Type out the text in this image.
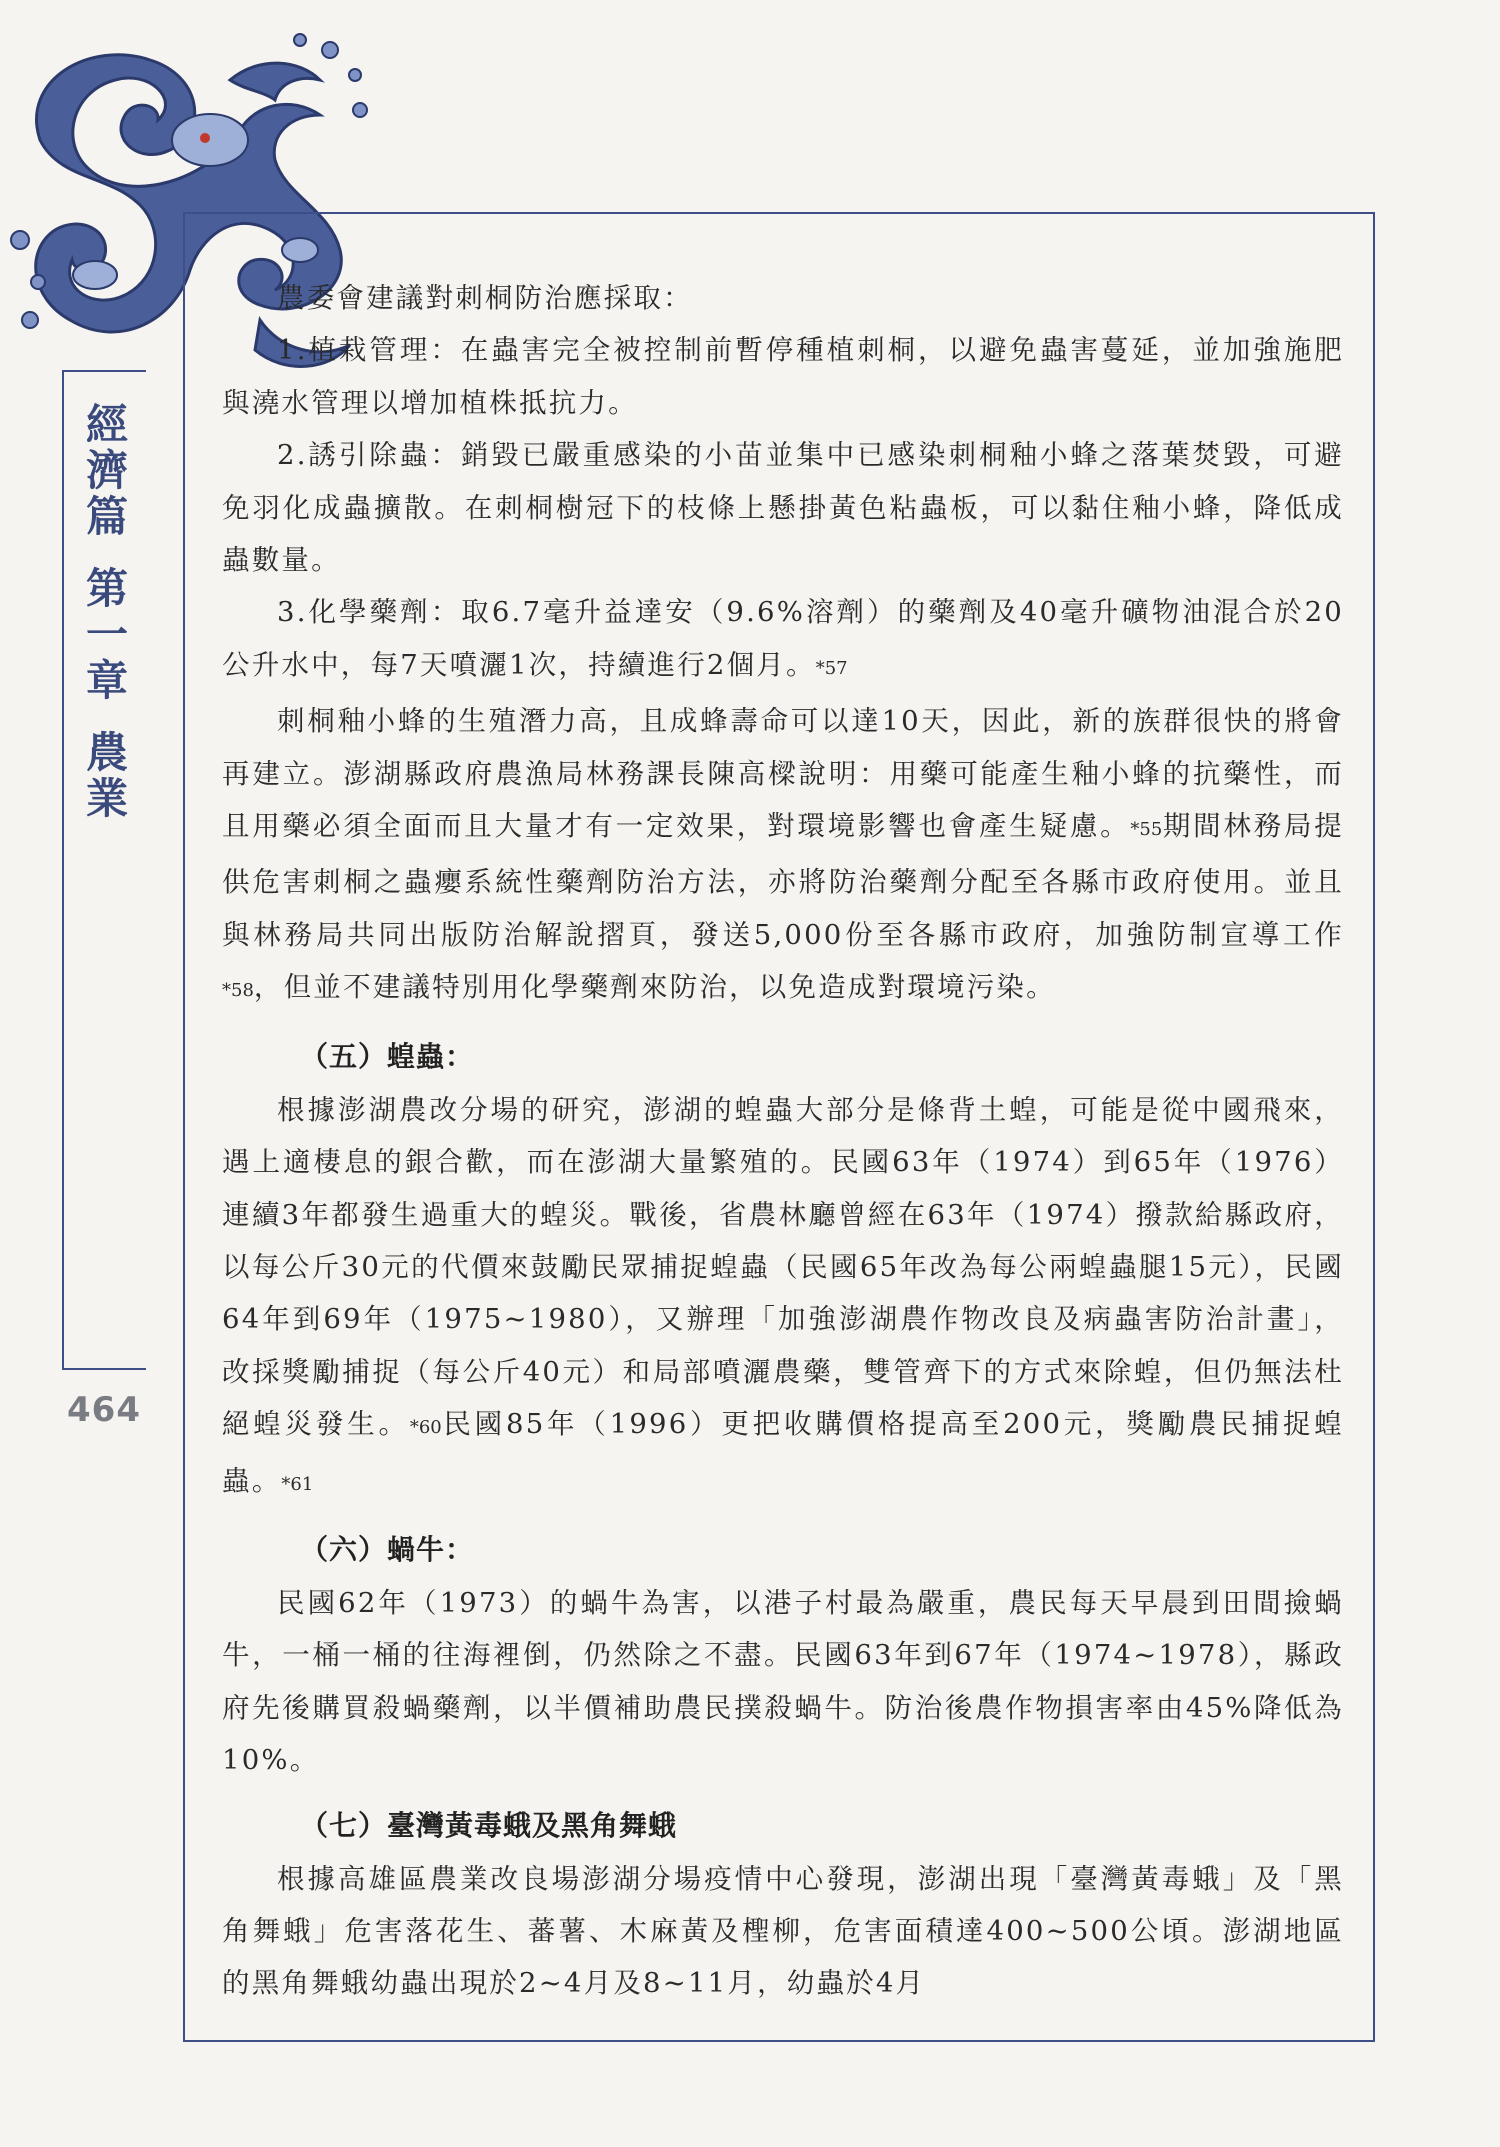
經濟篇
第一章
農業
464

農委會建議對刺桐防治應採取：

1.植栽管理：在蟲害完全被控制前暫停種植刺桐，以避免蟲害蔓延，並加強施肥與澆水管理以增加植株抵抗力。

2.誘引除蟲：銷毀已嚴重感染的小苗並集中已感染刺桐釉小蜂之落葉焚毀，可避免羽化成蟲擴散。在刺桐樹冠下的枝條上懸掛黃色粘蟲板，可以黏住釉小蜂，降低成蟲數量。

3.化學藥劑：取6.7毫升益達安（9.6%溶劑）的藥劑及40毫升礦物油混合於20公升水中，每7天噴灑1次，持續進行2個月。*57

刺桐釉小蜂的生殖潛力高，且成蜂壽命可以達10天，因此，新的族群很快的將會再建立。澎湖縣政府農漁局林務課長陳高樑說明：用藥可能產生釉小蜂的抗藥性，而且用藥必須全面而且大量才有一定效果，對環境影響也會產生疑慮。*55期間林務局提供危害刺桐之蟲癭系統性藥劑防治方法，亦將防治藥劑分配至各縣市政府使用。並且與林務局共同出版防治解說摺頁，發送5,000份至各縣市政府，加強防制宣導工作*58，但並不建議特別用化學藥劑來防治，以免造成對環境污染。

（五）蝗蟲：

根據澎湖農改分場的研究，澎湖的蝗蟲大部分是條背土蝗，可能是從中國飛來，遇上適棲息的銀合歡，而在澎湖大量繁殖的。民國63年（1974）到65年（1976）連續3年都發生過重大的蝗災。戰後，省農林廳曾經在63年（1974）撥款給縣政府，以每公斤30元的代價來鼓勵民眾捕捉蝗蟲（民國65年改為每公兩蝗蟲腿15元），民國64年到69年（1975~1980），又辦理「加強澎湖農作物改良及病蟲害防治計畫」，改採獎勵捕捉（每公斤40元）和局部噴灑農藥，雙管齊下的方式來除蝗，但仍無法杜絕蝗災發生。*60民國85年（1996）更把收購價格提高至200元，獎勵農民捕捉蝗蟲。*61

（六）蝸牛：

民國62年（1973）的蝸牛為害，以港子村最為嚴重，農民每天早晨到田間撿蝸牛，一桶一桶的往海裡倒，仍然除之不盡。民國63年到67年（1974~1978），縣政府先後購買殺蝸藥劑，以半價補助農民撲殺蝸牛。防治後農作物損害率由45%降低為10%。

（七）臺灣黃毒蛾及黑角舞蛾

根據高雄區農業改良場澎湖分場疫情中心發現，澎湖出現「臺灣黃毒蛾」及「黑角舞蛾」危害落花生、蕃薯、木麻黃及檉柳，危害面積達400~500公頃。澎湖地區的黑角舞蛾幼蟲出現於2~4月及8~11月，幼蟲於4月
